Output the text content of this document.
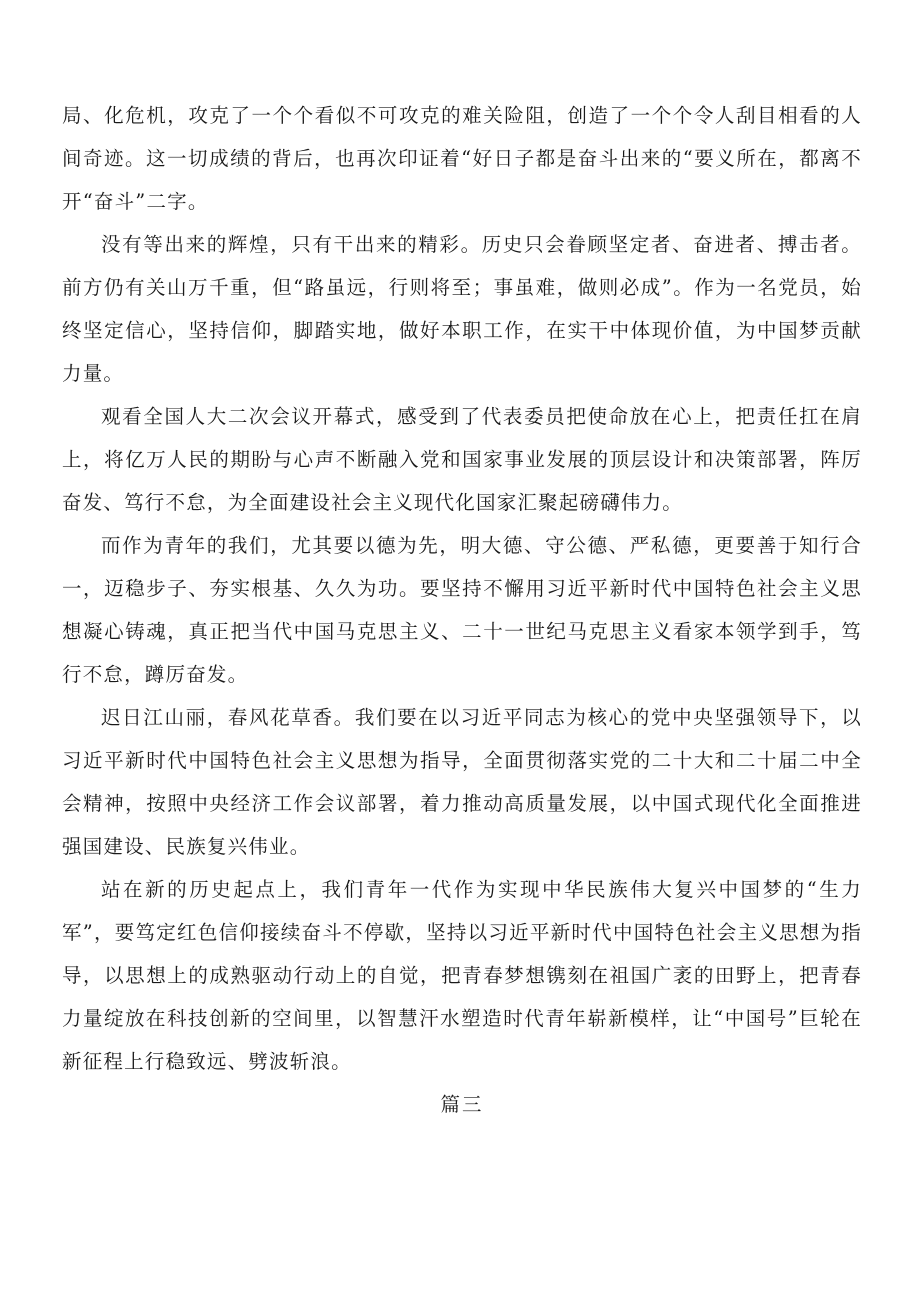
局、化危机，攻克了一个个看似不可攻克的难关险阻，创造了一个个令人刮目相看的人间奇迹。这一切成绩的背后，也再次印证着“好日子都是奋斗出来的“要义所在，都离不开“奋斗”二字。

没有等出来的辉煌，只有干出来的精彩。历史只会眷顾坚定者、奋进者、搏击者。前方仍有关山万千重，但“路虽远，行则将至；事虽难，做则必成”。作为一名党员，始终坚定信心，坚持信仰，脚踏实地，做好本职工作，在实干中体现价值，为中国梦贡献力量。

观看全国人大二次会议开幕式，感受到了代表委员把使命放在心上，把责任扛在肩上，将亿万人民的期盼与心声不断融入党和国家事业发展的顶层设计和决策部署，阵厉奋发、笃行不怠，为全面建设社会主义现代化国家汇聚起磅礴伟力。

而作为青年的我们，尤其要以德为先，明大德、守公德、严私德，更要善于知行合一，迈稳步子、夯实根基、久久为功。要坚持不懈用习近平新时代中国特色社会主义思想凝心铸魂，真正把当代中国马克思主义、二十一世纪马克思主义看家本领学到手，笃行不怠，蹲厉奋发。

迟日江山丽，春风花草香。我们要在以习近平同志为核心的党中央坚强领导下，以习近平新时代中国特色社会主义思想为指导，全面贯彻落实党的二十大和二十届二中全会精神，按照中央经济工作会议部署，着力推动高质量发展，以中国式现代化全面推进强国建设、民族复兴伟业。

站在新的历史起点上，我们青年一代作为实现中华民族伟大复兴中国梦的“生力军”，要笃定红色信仰接续奋斗不停歇，坚持以习近平新时代中国特色社会主义思想为指导，以思想上的成熟驱动行动上的自觉，把青春梦想镌刻在祖国广袤的田野上，把青春力量绽放在科技创新的空间里，以智慧汗水塑造时代青年崭新模样，让“中国号”巨轮在新征程上行稳致远、劈波斩浪。

篇三
